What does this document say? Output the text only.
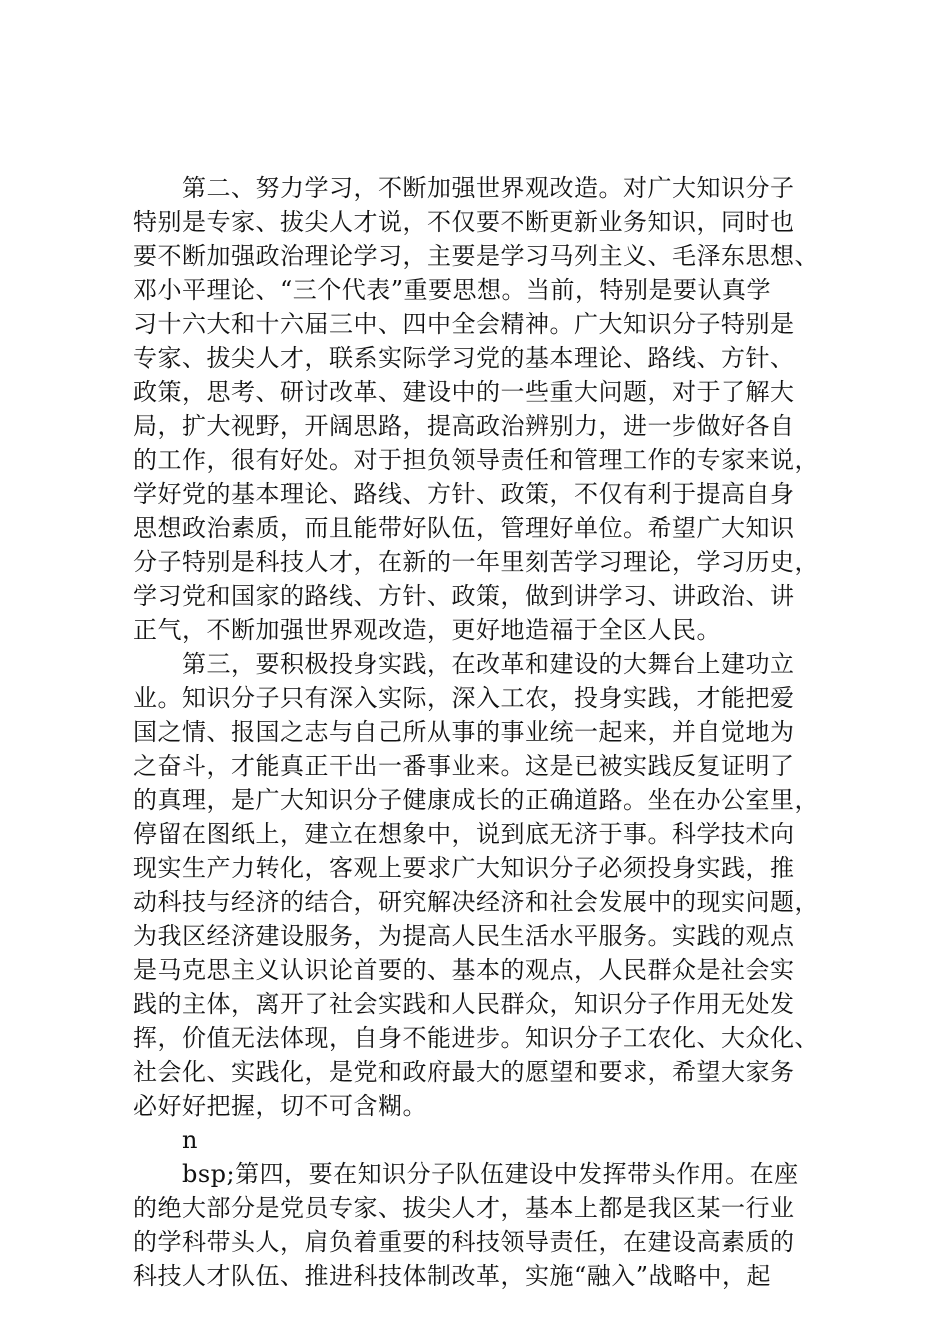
　　第二、努力学习，不断加强世界观改造。对广大知识分子
特别是专家、拔尖人才说，不仅要不断更新业务知识，同时也
要不断加强政治理论学习，主要是学习马列主义、毛泽东思想、
邓小平理论、“三个代表”重要思想。当前，特别是要认真学
习十六大和十六届三中、四中全会精神。广大知识分子特别是
专家、拔尖人才，联系实际学习党的基本理论、路线、方针、
政策，思考、研讨改革、建设中的一些重大问题，对于了解大
局，扩大视野，开阔思路，提高政治辨别力，进一步做好各自
的工作，很有好处。对于担负领导责任和管理工作的专家来说，
学好党的基本理论、路线、方针、政策，不仅有利于提高自身
思想政治素质，而且能带好队伍，管理好单位。希望广大知识
分子特别是科技人才，在新的一年里刻苦学习理论，学习历史，
学习党和国家的路线、方针、政策，做到讲学习、讲政治、讲
正气，不断加强世界观改造，更好地造福于全区人民。
　　第三，要积极投身实践，在改革和建设的大舞台上建功立
业。知识分子只有深入实际，深入工农，投身实践，才能把爱
国之情、报国之志与自己所从事的事业统一起来，并自觉地为
之奋斗，才能真正干出一番事业来。这是已被实践反复证明了
的真理，是广大知识分子健康成长的正确道路。坐在办公室里，
停留在图纸上，建立在想象中，说到底无济于事。科学技术向
现实生产力转化，客观上要求广大知识分子必须投身实践，推
动科技与经济的结合，研究解决经济和社会发展中的现实问题，
为我区经济建设服务，为提高人民生活水平服务。实践的观点
是马克思主义认识论首要的、基本的观点，人民群众是社会实
践的主体，离开了社会实践和人民群众，知识分子作用无处发
挥，价值无法体现，自身不能进步。知识分子工农化、大众化、
社会化、实践化，是党和政府最大的愿望和要求，希望大家务
必好好把握，切不可含糊。
　　n
　　bsp;第四，要在知识分子队伍建设中发挥带头作用。在座
的绝大部分是党员专家、拔尖人才，基本上都是我区某一行业
的学科带头人，肩负着重要的科技领导责任，在建设高素质的
科技人才队伍、推进科技体制改革，实施“融入”战略中，起
